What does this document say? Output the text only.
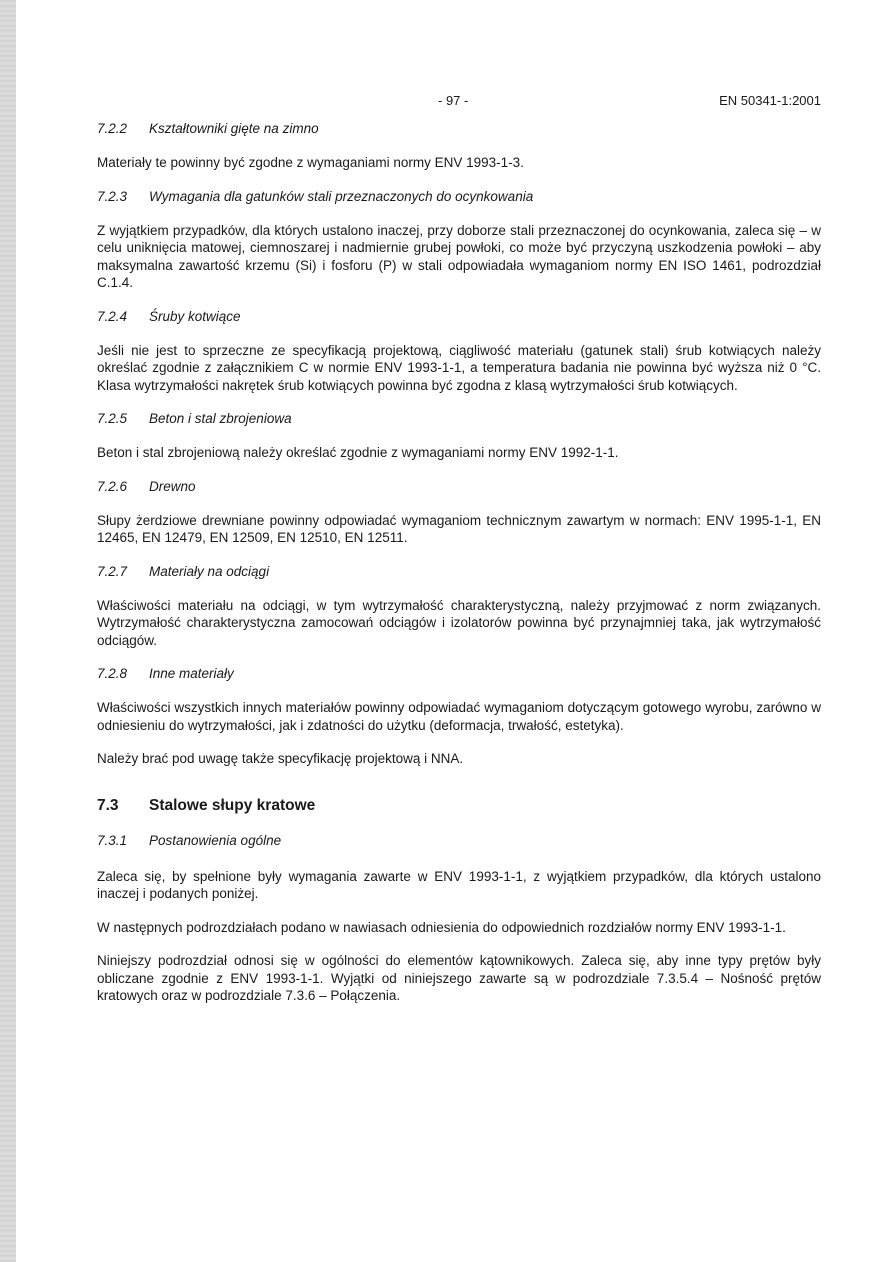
- 97 -	EN 50341-1:2001

7.2.2 Kształtowniki gięte na zimno

Materiały te powinny być zgodne z wymaganiami normy ENV 1993-1-3.

7.2.3 Wymagania dla gatunków stali przeznaczonych do ocynkowania

Z wyjątkiem przypadków, dla których ustalono inaczej, przy doborze stali przeznaczonej do ocynkowania, zaleca się – w celu uniknięcia matowej, ciemnoszarej i nadmiernie grubej powłoki, co może być przyczyną uszkodzenia powłoki – aby maksymalna zawartość krzemu (Si) i fosforu (P) w stali odpowiadała wymaganiom normy EN ISO 1461, podrozdział C.1.4.

7.2.4 Śruby kotwiące

Jeśli nie jest to sprzeczne ze specyfikacją projektową, ciągliwość materiału (gatunek stali) śrub kotwiących należy określać zgodnie z załącznikiem C w normie ENV 1993-1-1, a temperatura badania nie powinna być wyższa niż 0 °C. Klasa wytrzymałości nakrętek śrub kotwiących powinna być zgodna z klasą wytrzymałości śrub kotwiących.

7.2.5 Beton i stal zbrojeniowa

Beton i stal zbrojeniową należy określać zgodnie z wymaganiami normy ENV 1992-1-1.

7.2.6 Drewno

Słupy żerdziowe drewniane powinny odpowiadać wymaganiom technicznym zawartym w normach: ENV 1995-1-1, EN 12465, EN 12479, EN 12509, EN 12510, EN 12511.

7.2.7 Materiały na odciągi

Właściwości materiału na odciągi, w tym wytrzymałość charakterystyczną, należy przyjmować z norm związanych. Wytrzymałość charakterystyczna zamocowań odciągów i izolatorów powinna być przynajmniej taka, jak wytrzymałość odciągów.

7.2.8 Inne materiały

Właściwości wszystkich innych materiałów powinny odpowiadać wymaganiom dotyczącym gotowego wyrobu, zarówno w odniesieniu do wytrzymałości, jak i zdatności do użytku (deformacja, trwałość, estetyka).

Należy brać pod uwagę także specyfikację projektową i NNA.

7.3 Stalowe słupy kratowe

7.3.1 Postanowienia ogólne

Zaleca się, by spełnione były wymagania zawarte w ENV 1993-1-1, z wyjątkiem przypadków, dla których ustalono inaczej i podanych poniżej.

W następnych podrozdziałach podano w nawiasach odniesienia do odpowiednich rozdziałów normy ENV 1993-1-1.

Niniejszy podrozdział odnosi się w ogólności do elementów kątownikowych. Zaleca się, aby inne typy prętów były obliczane zgodnie z ENV 1993-1-1. Wyjątki od niniejszego zawarte są w podrozdziale 7.3.5.4 – Nośność prętów kratowych oraz w podrozdziale 7.3.6 – Połączenia.
